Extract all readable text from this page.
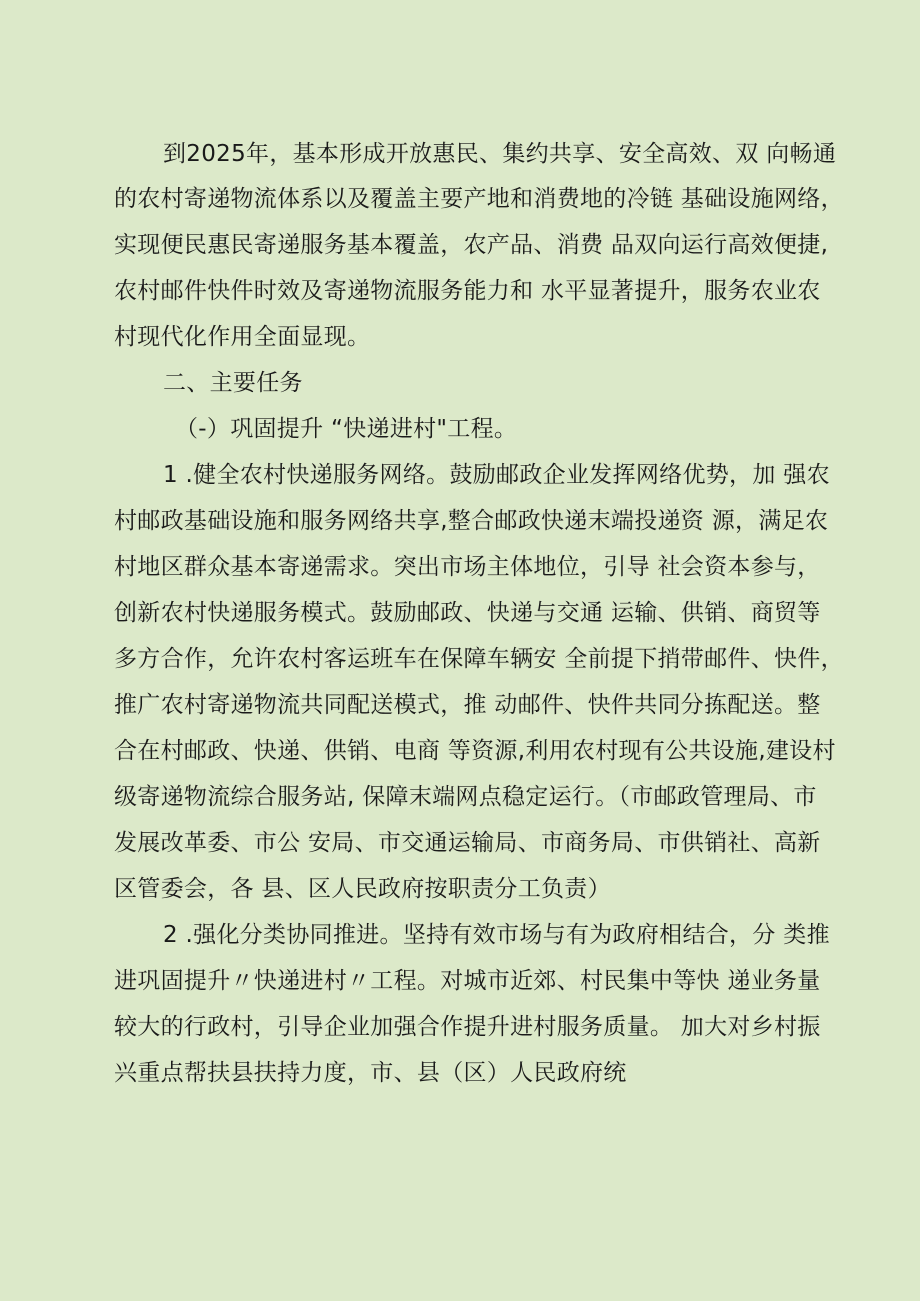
到2025年，基本形成开放惠民、集约共享、安全高效、双 向畅通
的农村寄递物流体系以及覆盖主要产地和消费地的冷链 基础设施网络，
实现便民惠民寄递服务基本覆盖，农产品、消费 品双向运行高效便捷,
农村邮件快件时效及寄递物流服务能力和 水平显著提升，服务农业农
村现代化作用全面显现。
二、主要任务
（-）巩固提升 “快递进村"工程。
1 .健全农村快递服务网络。鼓励邮政企业发挥网络优势，加 强农
村邮政基础设施和服务网络共享,整合邮政快递末端投递资 源，满足农
村地区群众基本寄递需求。突出市场主体地位，引导 社会资本参与，
创新农村快递服务模式。鼓励邮政、快递与交通 运输、供销、商贸等
多方合作，允许农村客运班车在保障车辆安 全前提下捎带邮件、快件，
推广农村寄递物流共同配送模式，推 动邮件、快件共同分拣配送。整
合在村邮政、快递、供销、电商 等资源,利用农村现有公共设施,建设村
级寄递物流综合服务站, 保障末端网点稳定运行。（市邮政管理局、市
发展改革委、市公 安局、市交通运输局、市商务局、市供销社、高新
区管委会，各 县、区人民政府按职责分工负责）
2 .强化分类协同推进。坚持有效市场与有为政府相结合，分 类推
进巩固提升〃快递进村〃工程。对城市近郊、村民集中等快 递业务量
较大的行政村，引导企业加强合作提升进村服务质量。 加大对乡村振
兴重点帮扶县扶持力度，市、县（区）人民政府统
